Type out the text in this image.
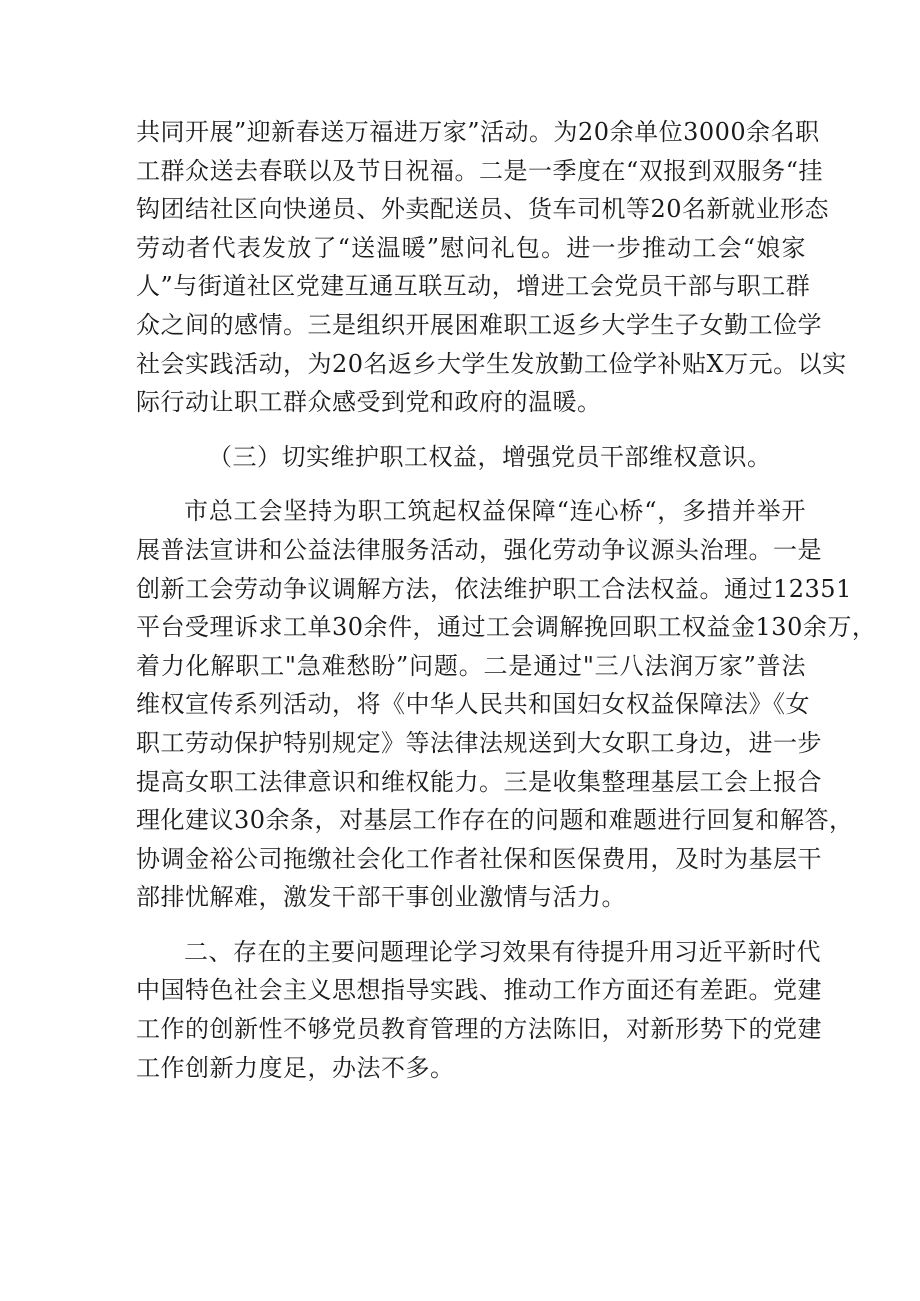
共同开展”迎新春送万福进万家”活动。为20余单位3000余名职
工群众送去春联以及节日祝福。二是一季度在“双报到双服务“挂
钩团结社区向快递员、外卖配送员、货车司机等20名新就业形态
劳动者代表发放了“送温暖”慰问礼包。进一步推动工会“娘家
人”与街道社区党建互通互联互动，增进工会党员干部与职工群
众之间的感情。三是组织开展困难职工返乡大学生子女勤工俭学
社会实践活动，为20名返乡大学生发放勤工俭学补贴X万元。以实
际行动让职工群众感受到党和政府的温暖。
（三）切实维护职工权益，增强党员干部维权意识。
市总工会坚持为职工筑起权益保障“连心桥“，多措并举开
展普法宣讲和公益法律服务活动，强化劳动争议源头治理。一是
创新工会劳动争议调解方法，依法维护职工合法权益。通过12351
平台受理诉求工单30余件，通过工会调解挽回职工权益金130余万，
着力化解职工"急难愁盼”问题。二是通过"三八法润万家”普法
维权宣传系列活动，将《中华人民共和国妇女权益保障法》《女
职工劳动保护特别规定》等法律法规送到大女职工身边，进一步
提高女职工法律意识和维权能力。三是收集整理基层工会上报合
理化建议30余条，对基层工作存在的问题和难题进行回复和解答，
协调金裕公司拖缴社会化工作者社保和医保费用，及时为基层干
部排忧解难，激发干部干事创业激情与活力。
二、存在的主要问题理论学习效果有待提升用习近平新时代
中国特色社会主义思想指导实践、推动工作方面还有差距。党建
工作的创新性不够党员教育管理的方法陈旧，对新形势下的党建
工作创新力度足，办法不多。
